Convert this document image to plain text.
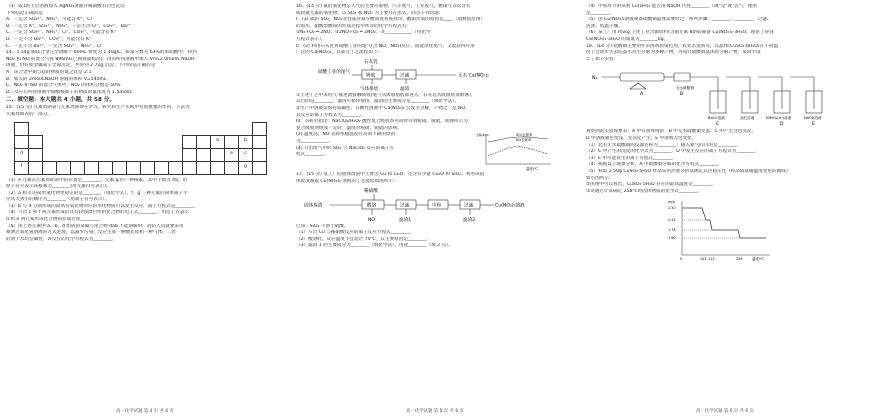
（3）取1的上层清液加入 AgNO₃溶液并稀硝酸有白色沉淀
下列结论正确的是
A．一定含 SO₄²⁻、NH₄⁺，可能含 K⁺、Cl⁻
B．一定含 K⁺、SO₄²⁻、NH₄⁺，一定不含 Cl⁻、CO₃²⁻、Ba²⁺
C．一定含 SO₄²⁻、NH₄⁺、Cl⁻、CO₃²⁻，可能含有 K⁺
D．一定不含 Ba²⁺、CO₃²⁻，可能含有 K⁺
C．一定不含 Ba²⁺，一定含 SO₄²⁻、NH₄⁺、Cl⁻
14．1.54g 铜镁合金完全溶解于 60mL 密度为 1.40g/L，质量分数为 63%的浓硝酸中，得到
NO₂ 和 NO 的混合气体 896mL(已换算成标况)，再向所得溶液中加入 VmL2.0mol/L NaOH
溶液，恰好使金属离子全部沉淀，共得到 2.72g 沉淀。下列说法正确的是
A．该合金中铜与镁的物质的量之比是 2:1
B．加入的 2mol/LNaOH 溶液的体积 V=540mL
C．NO₂ 和 NO 的混合气体中，NO₂ 的体积分数是 50%
D．反应后所得溶液中硝酸根离子的物质的量浓度为 1.5mol/L
二、填空题：本大题共 4 小题，共 58 分。
15．(15 分) 元素周期表与元素周期律在学习、研究和生产实践中有很重要的作用。下表为
元素周期表的一部分。

														a		b	
d															e	c	
f																g	
（1）e 元素在元素周期表中的位置是________；元素 g 的一种核素，其中子数为 45，用
原子符号表示该核素为________(用元素符号表示)。
（2）a 和 c 的简单氢化物更稳定的是________（填化学式）。f、g 三种元素的简单离子半
径从大到小的顺序为________（用离子符号表示）。
（3）b 与 d 分别形成的最高价氧化物对应的水化物间可以发生反应，离子方程式是________。
（4）写出 c 和 f 两元素形成的具有较强漂白性的化合物的电子式________；用电子式表示
d 和 e 两元素形成化合物的形成过程________。
（5）由上述元素中 a、b、d 组成的某碱与化合物 dab 不能溶解时，消防人员就要采用
喷洒过氧化氢溶液的方式处理，以减少污染，反应生成一种酸式盐和一种气体，二者
的溶于水均呈碱性，该反应的化学方程式为________。
高一化学试题 第 4 页 共 6 页
16．(14 分) 氮的氧化物是大气的主要污染物，汽车尾气、工业废气、燃煤气等均含有
或致氮元素的氧化物，以 SO₂ 和 NOₓ 为主要存在形式。回答下列问题：
I．(1) 硫的 SO₂，NOₓ等性质对减少酸雨查看查找用，酸雨形成的原因是____（填数值范围）
的雨水，硝酸型酸雨的形成过程中涉及的化学方程式有：
①N₂+O₂ ═ 2NO；②2NO+O₂ ═ 2NO₂；③____________（用化学
方程式表示）。
II．(2) 利用石灰乳将硝酸工业的尾气(含 NO、NO₂)反应，既能净化尾气，又能获得应用
广泛的 Ca(NO₂)₂，其部分工艺流程如下：
石灰乳
硝酸工业的尾气
吸收	过滤	无水 Ca(NO₂)₂
气体排放	滤渣
①上述工艺中采用气-液逆流接触吸收(尾气从吸收塔底部进入，石灰乳从吸收塔顶喷淋)，
其目的是________；滤渣可循环使用，滤渣的主要成分是________（填化学式）。
②生产中溶液需保持弱碱性，在酸性溶液中 Ca(NO₂)₂ 会发生分解，产物之一是 NO，
其反应的离子方程式为________。
III．有研究指出：NaClO₂/H₂O₂ 酸性复合吸收剂可同时有效脱硝、脱硫，如图所示为
复合吸收剂组成一定时，温度对脱硝、脱硫的影响。
(3) 温度高，NO 去除率随温度升高而下降的原因
为____________。
(4) 写出废气中的 SO₂ 与 NaClO₂ 反应的离子方
程式________。
SO₂去除率
NO去除率
温度/℃
去除率/%
17．(15 分) 某工厂的固体废渣中主要含 Cu 和 CuO，还含有少量 Cu₂O 和 SiO₂。利用该固
体废渣制取 Cu(NO₃)₂ 溶液的工艺流程如图所示：
稀硝酸
固体废渣	酸溶	过滤	中和	过滤	Cu(NO₃)₂溶液
NO	滤渣1	滤渣2
已知：SiO₂ 不溶于硝酸。
（1）写出 Cu 与稀硝酸反应的离子反应方程式________。
（2）酸溶时，反应温度不宜超过 70℃，其主要原因是________。
（3）滤渣 1 的主要成分为________（填化学式），用途________（填 2 点）。
高一化学试题 第 5 页 共 6 页
（4）中和环节的试剂 Cu(OH)₂ 能否用 NaOH 代替________（填"是"或"否"），理由
是________。
（5）由 Cu(NO₃)₂溶液制备硝酸铜晶体需要经过一系列步骤：________、________、过滤、
洗涤、低温干燥。
（6）某工厂用 m₁kg 上述工业含铜废料(含铜元素 80%)制备 Cu(NO₃)₂·3H₂O，理论上得到
Cu(NO₃)₂·3H₂O 的质量为________kg。
18．(14 分) 硫酸铜主要用作杀菌剂和染色剂，农业杀虫剂等，其晶体(CuSO₄·5H₂O)在不同温
度下会逐步失去结晶水甚至分解为多种产物，为探究硫酸铜晶体的分解产物，某同学设
计了如下实验：
N₂
A
无水硫酸铜
B
BaCl₂溶液
C
品红溶液	KMnO₄(H⁺)溶液
D
NaOH溶液
E
观察到的实验现象有：A 中有固体残留；B 中无水硫酸铜变蓝；C 中产生白色沉淀；
D 中溶液颜色变浅，无沉淀产生；E 中溶液无色变化。
（1）装有无水硫酸铜的仪器名称为________；通入氮气的目的是________。
（2）C 中产生的沉淀的化学式为________；D 中发生反应的离子方程式为________。
（3）E 中可能发生的离子方程式________。
（4）根据以上现象分析，A 中硫酸铜分解的化学方程式________。
（5）称取 2.50g CuSO₄·5H₂O 样品采用热重分析法测定其热稳定性（样品质量随温度变化的曲线）
如右图所示：
①由图中可以看出，CuSO₄·5H₂O 存在的最高温度是________。
②试通过计算确定 258℃时固体物质的化学式________。
m/g
2.50
2.14
1.78
1.60
0	102 113	258	温度/℃
高一化学试题 第 6 页 共 6 页
